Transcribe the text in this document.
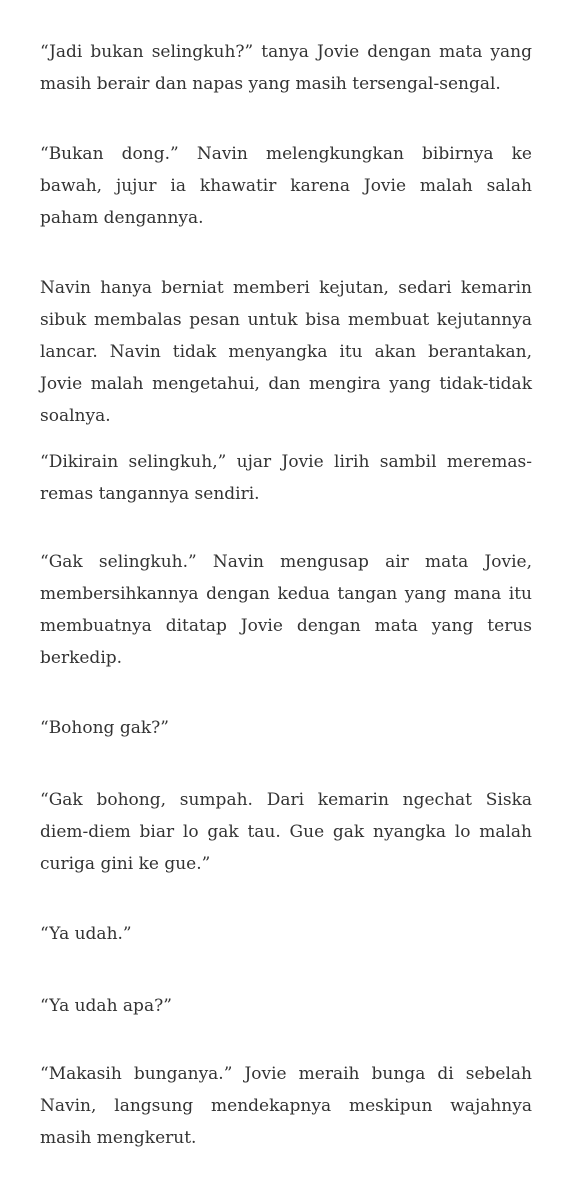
“Jadi bukan selingkuh?” tanya Jovie dengan mata yang masih berair dan napas yang masih tersengal-sengal.

“Bukan dong.” Navin melengkungkan bibirnya ke bawah, jujur ia khawatir karena Jovie malah salah paham dengannya.

Navin hanya berniat memberi kejutan, sedari kemarin sibuk membalas pesan untuk bisa membuat kejutannya lancar. Navin tidak menyangka itu akan berantakan, Jovie malah mengetahui, dan mengira yang tidak-tidak soalnya.

“Dikirain selingkuh,” ujar Jovie lirih sambil meremas-remas tangannya sendiri.

“Gak selingkuh.” Navin mengusap air mata Jovie, membersihkannya dengan kedua tangan yang mana itu membuatnya ditatap Jovie dengan mata yang terus berkedip.

“Bohong gak?”

“Gak bohong, sumpah. Dari kemarin ngechat Siska diem-diem biar lo gak tau. Gue gak nyangka lo malah curiga gini ke gue.”

“Ya udah.”

“Ya udah apa?”

“Makasih bunganya.” Jovie meraih bunga di sebelah Navin, langsung mendekapnya meskipun wajahnya masih mengkerut.
